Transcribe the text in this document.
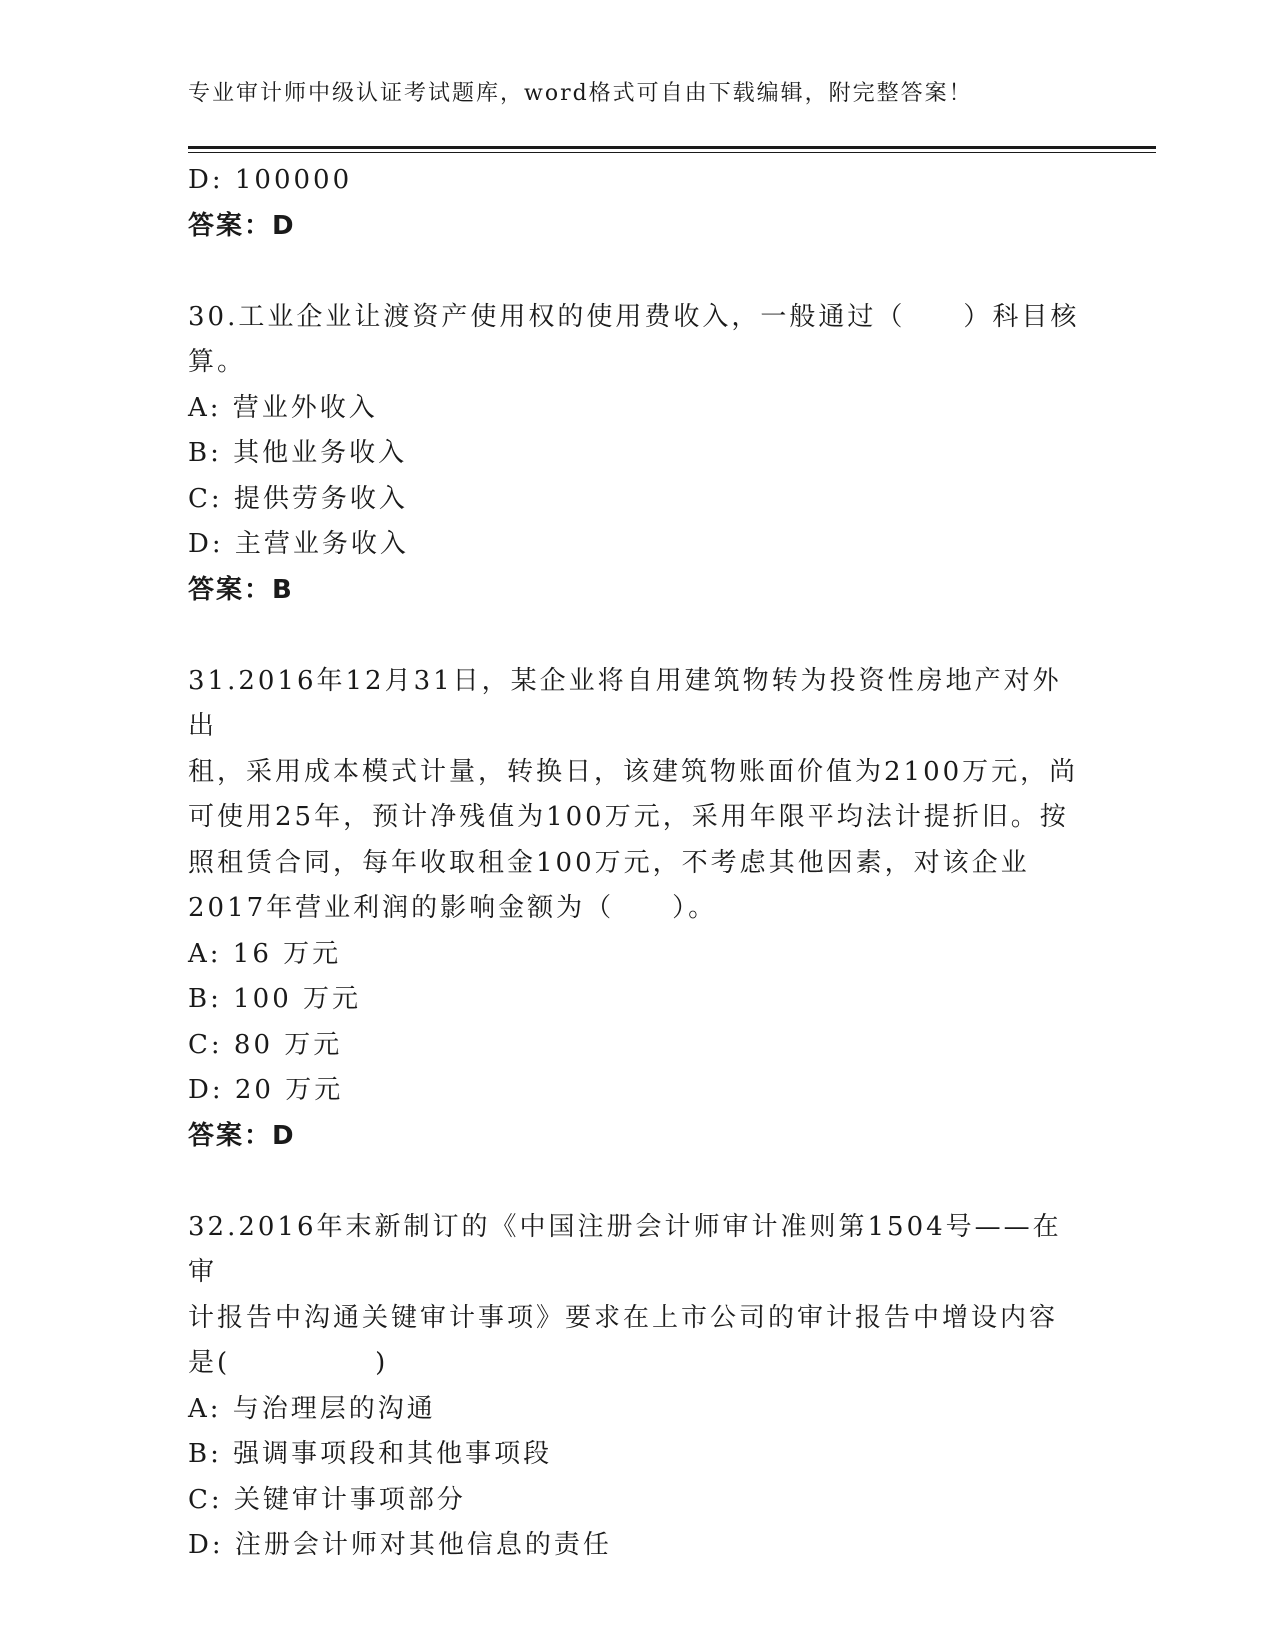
专业审计师中级认证考试题库，word格式可自由下载编辑，附完整答案！
D: 100000
答案：D
30.工业企业让渡资产使用权的使用费收入，一般通过（　　）科目核
算。
A: 营业外收入
B: 其他业务收入
C: 提供劳务收入
D: 主营业务收入
答案：B
31.2016年12月31日，某企业将自用建筑物转为投资性房地产对外出
租，采用成本模式计量，转换日，该建筑物账面价值为2100万元，尚
可使用25年，预计净残值为100万元，采用年限平均法计提折旧。按
照租赁合同，每年收取租金100万元，不考虑其他因素，对该企业
2017年营业利润的影响金额为（　　）。
A: 16 万元
B: 100 万元
C: 80 万元
D: 20 万元
答案：D
32.2016年末新制订的《中国注册会计师审计准则第1504号——在审
计报告中沟通关键审计事项》要求在上市公司的审计报告中增设内容
是(　　　　　)
A: 与治理层的沟通
B: 强调事项段和其他事项段
C: 关键审计事项部分
D: 注册会计师对其他信息的责任
